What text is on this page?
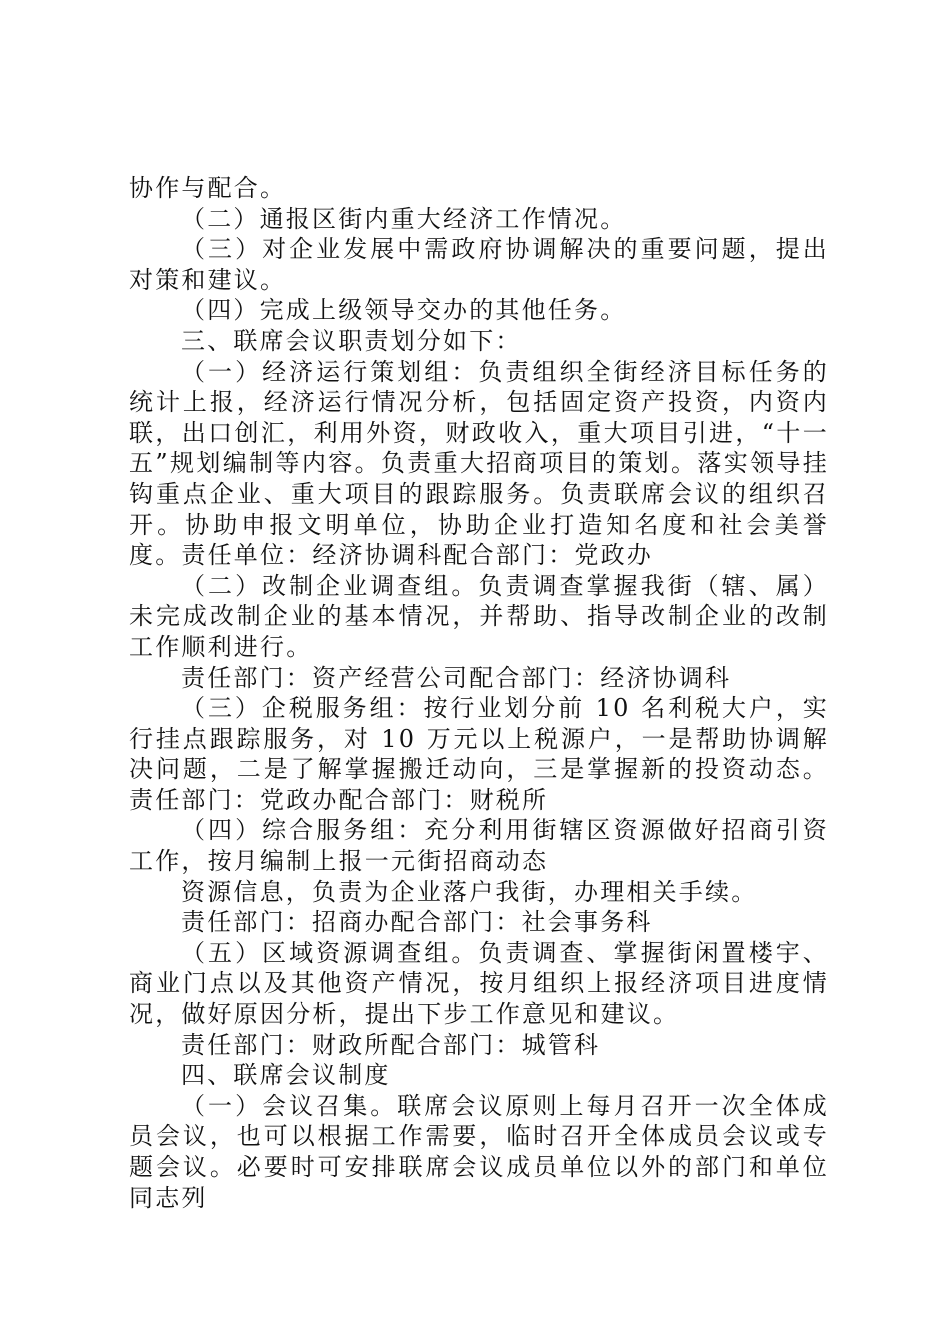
协作与配合。

（二）通报区街内重大经济工作情况。

（三）对企业发展中需政府协调解决的重要问题，提出对策和建议。

（四）完成上级领导交办的其他任务。

三、联席会议职责划分如下：

（一）经济运行策划组：负责组织全街经济目标任务的统计上报，经济运行情况分析，包括固定资产投资，内资内联，出口创汇，利用外资，财政收入，重大项目引进，“十一五”规划编制等内容。负责重大招商项目的策划。落实领导挂钩重点企业、重大项目的跟踪服务。负责联席会议的组织召开。协助申报文明单位，协助企业打造知名度和社会美誉度。责任单位：经济协调科配合部门：党政办

（二）改制企业调查组。负责调查掌握我街（辖、属）未完成改制企业的基本情况，并帮助、指导改制企业的改制工作顺利进行。

责任部门：资产经营公司配合部门：经济协调科

（三）企税服务组：按行业划分前 10 名利税大户，实行挂点跟踪服务，对 10 万元以上税源户，一是帮助协调解决问题，二是了解掌握搬迁动向，三是掌握新的投资动态。责任部门：党政办配合部门：财税所

（四）综合服务组：充分利用街辖区资源做好招商引资工作，按月编制上报一元街招商动态

资源信息，负责为企业落户我街，办理相关手续。

责任部门：招商办配合部门：社会事务科

（五）区域资源调查组。负责调查、掌握街闲置楼宇、商业门点以及其他资产情况，按月组织上报经济项目进度情况，做好原因分析，提出下步工作意见和建议。

责任部门：财政所配合部门：城管科

四、联席会议制度

（一）会议召集。联席会议原则上每月召开一次全体成员会议，也可以根据工作需要，临时召开全体成员会议或专题会议。必要时可安排联席会议成员单位以外的部门和单位同志列
